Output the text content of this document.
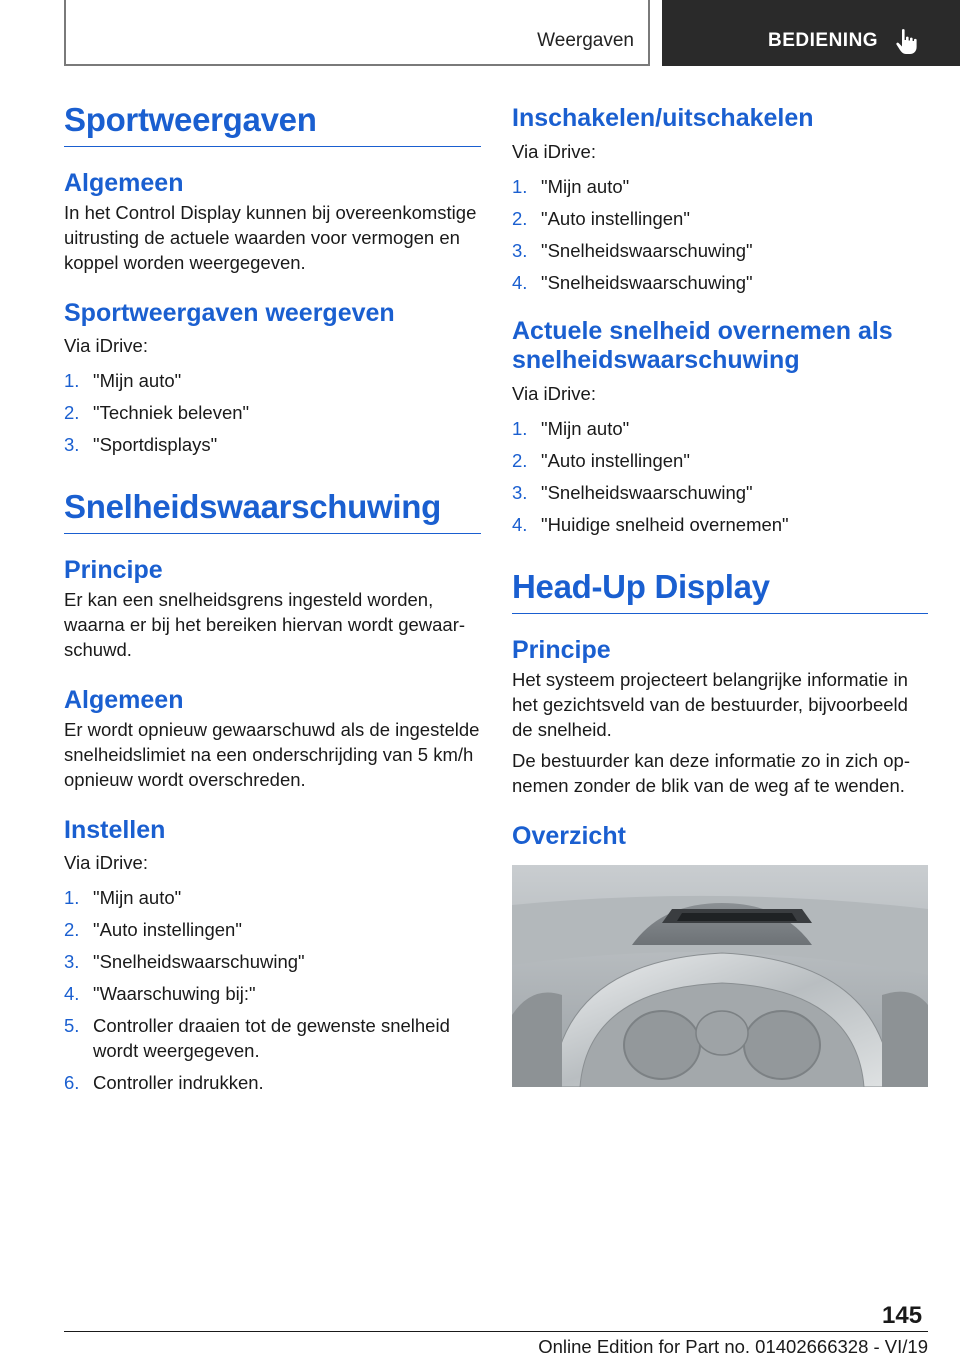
Weergaven	BEDIENING
Sportweergaven
Algemeen

In het Control Display kunnen bij overeenkomstige uitrusting de actuele waarden voor vermogen en koppel worden weergegeven.

Sportweergaven weergeven

Via iDrive:

1. "Mijn auto"
2. "Techniek beleven"
3. "Sportdisplays"
Snelheidswaarschuwing
Principe

Er kan een snelheidsgrens ingesteld worden, waarna er bij het bereiken hiervan wordt gewaarschuwd.

Algemeen

Er wordt opnieuw gewaarschuwd als de ingestelde snelheidslimiet na een onderschrijding van 5 km/h opnieuw wordt overschreden.

Instellen

Via iDrive:

1. "Mijn auto"
2. "Auto instellingen"
3. "Snelheidswaarschuwing"
4. "Waarschuwing bij:"
5. Controller draaien tot de gewenste snelheid wordt weergegeven.
6. Controller indrukken.
Inschakelen/uitschakelen

Via iDrive:

1. "Mijn auto"
2. "Auto instellingen"
3. "Snelheidswaarschuwing"
4. "Snelheidswaarschuwing"
Actuele snelheid overnemen als snelheidswaarschuwing

Via iDrive:

1. "Mijn auto"
2. "Auto instellingen"
3. "Snelheidswaarschuwing"
4. "Huidige snelheid overnemen"
Head-Up Display
Principe

Het systeem projecteert belangrijke informatie in het gezichtsveld van de bestuurder, bijvoorbeeld de snelheid.

De bestuurder kan deze informatie zo in zich opnemen zonder de blik van de weg af te wenden.

Overzicht
145
Online Edition for Part no. 01402666328 - VI/19
